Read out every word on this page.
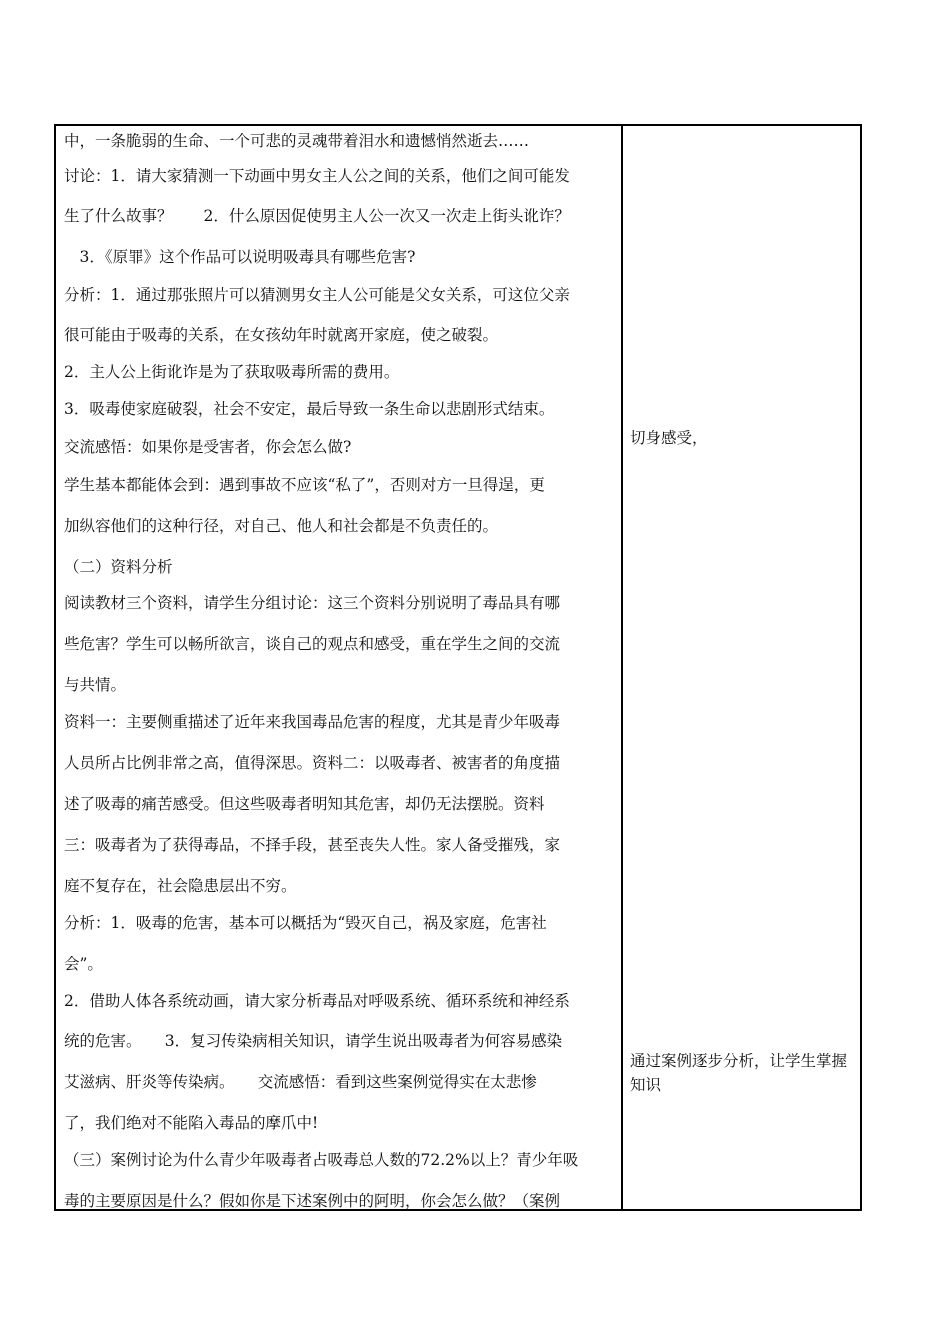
中，一条脆弱的生命、一个可悲的灵魂带着泪水和遗憾悄然逝去……
讨论：1．请大家猜测一下动画中男女主人公之间的关系，他们之间可能发
生了什么故事？　　2．什么原因促使男主人公一次又一次走上街头讹诈？
　3．《原罪》这个作品可以说明吸毒具有哪些危害?
分析：1．通过那张照片可以猜测男女主人公可能是父女关系，可这位父亲
很可能由于吸毒的关系，在女孩幼年时就离开家庭，使之破裂。
2．主人公上街讹诈是为了获取吸毒所需的费用。
3．吸毒使家庭破裂，社会不安定，最后导致一条生命以悲剧形式结束。
交流感悟：如果你是受害者，你会怎么做?
学生基本都能体会到：遇到事故不应该“私了”，否则对方一旦得逞，更
加纵容他们的这种行径，对自己、他人和社会都是不负责任的。
（二）资料分析
阅读教材三个资料，请学生分组讨论：这三个资料分别说明了毒品具有哪
些危害？学生可以畅所欲言，谈自己的观点和感受，重在学生之间的交流
与共情。
资料一：主要侧重描述了近年来我国毒品危害的程度，尤其是青少年吸毒
人员所占比例非常之高，值得深思。资料二：以吸毒者、被害者的角度描
述了吸毒的痛苦感受。但这些吸毒者明知其危害，却仍无法摆脱。资料
三：吸毒者为了获得毒品，不择手段，甚至丧失人性。家人备受摧残，家
庭不复存在，社会隐患层出不穷。
分析：1．吸毒的危害，基本可以概括为“毁灭自己，祸及家庭，危害社
会”。
2．借助人体各系统动画，请大家分析毒品对呼吸系统、循环系统和神经系
统的危害。　　3．复习传染病相关知识，请学生说出吸毒者为何容易感染
艾滋病、肝炎等传染病。　　交流感悟：看到这些案例觉得实在太悲惨
了，我们绝对不能陷入毒品的摩爪中!
（三）案例讨论为什么青少年吸毒者占吸毒总人数的72.2%以上？青少年吸
毒的主要原因是什么？假如你是下述案例中的阿明，你会怎么做？（案例
切身感受，
通过案例逐步分析，让学生掌握知识
